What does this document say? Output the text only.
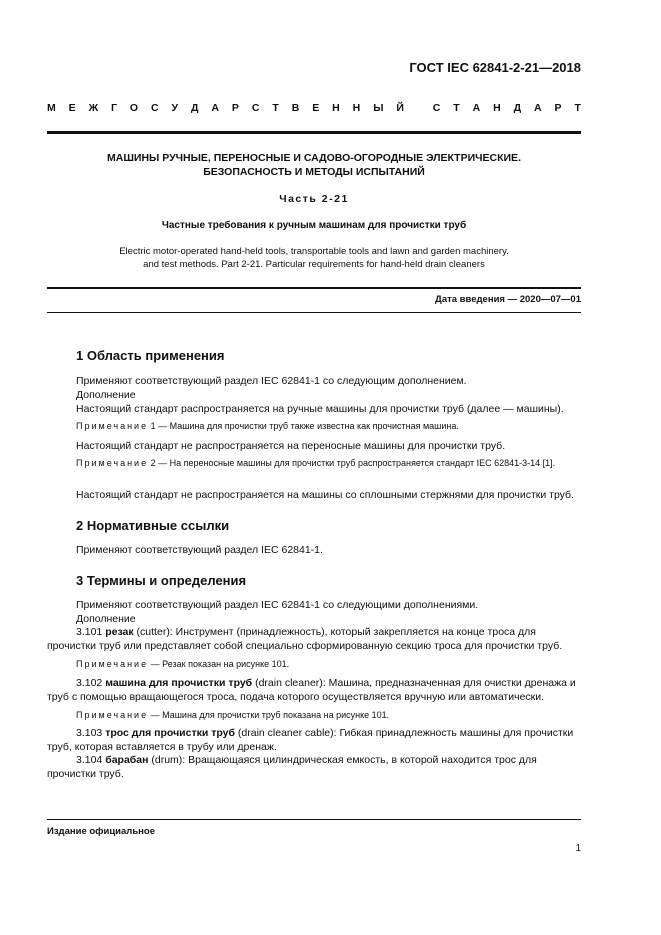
ГОСТ IEC 62841-2-21—2018
М Е Ж Г О С У Д А Р С Т В Е Н Н Ы Й
	С Т А Н Д А Р Т
МАШИНЫ РУЧНЫЕ, ПЕРЕНОСНЫЕ И САДОВО-ОГОРОДНЫЕ ЭЛЕКТРИЧЕСКИЕ.
БЕЗОПАСНОСТЬ И МЕТОДЫ ИСПЫТАНИЙ
Часть 2-21
Частные требования к ручным машинам для прочистки труб
Electric motor-operated hand-held tools, transportable tools and lawn and garden machinery.
and test methods. Part 2-21. Particular requirements for hand-held drain cleaners
Дата введения — 2020—07—01
1 Область применения
Применяют соответствующий раздел IEC 62841-1 со следующим дополнением.
Дополнение
Настоящий стандарт распространяется на ручные машины для прочистки труб (далее — машины).
Примечание 1 — Машина для прочистки труб также известна как прочистная машина.
Настоящий стандарт не распространяется на переносные машины для прочистки труб.
Примечание 2 — На переносные машины для прочистки труб распространяется стандарт IEC 62841-3-14 [1].
Настоящий стандарт не распространяется на машины со сплошными стержнями для прочистки труб.
2 Нормативные ссылки
Применяют соответствующий раздел IEC 62841-1.
3 Термины и определения
Применяют соответствующий раздел IEC 62841-1 со следующими дополнениями.
Дополнение
3.101 резак (cutter): Инструмент (принадлежность), который закрепляется на конце троса для прочистки труб или представляет собой специально сформированную секцию троса для прочистки труб.
Примечание — Резак показан на рисунке 101.
3.102 машина для прочистки труб (drain cleaner): Машина, предназначенная для очистки дренажа и труб с помощью вращающегося троса, подача которого осуществляется вручную или автоматически.
Примечание — Машина для прочистки труб показана на рисунке 101.
3.103 трос для прочистки труб (drain cleaner cable): Гибкая принадлежность машины для прочистки труб, которая вставляется в трубу или дренаж.
3.104 барабан (drum): Вращающаяся цилиндрическая емкость, в которой находится трос для прочистки труб.
Издание официальное
1
